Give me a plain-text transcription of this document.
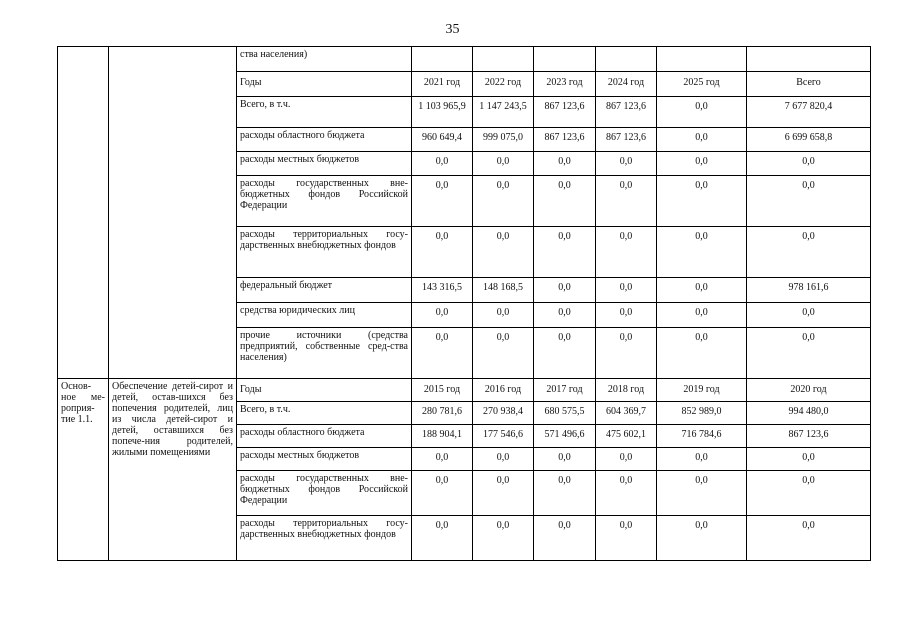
35
		ства населения)						
		Годы	2021 год	2022 год	2023 год	2024 год	2025 год	Всего
		Всего, в т.ч.	1 103 965,9	1 147 243,5	867 123,6	867 123,6	0,0	7 677 820,4
		расходы областного бюджета	960 649,4	999 075,0	867 123,6	867 123,6	0,0	6 699 658,8
		расходы местных бюджетов	0,0	0,0	0,0	0,0	0,0	0,0
		расходы государственных вне-бюджетных фондов Российской Федерации	0,0	0,0	0,0	0,0	0,0	0,0
		расходы территориальных госу-дарственных внебюджетных фондов	0,0	0,0	0,0	0,0	0,0	0,0
		федеральный бюджет	143 316,5	148 168,5	0,0	0,0	0,0	978 161,6
		средства юридических лиц	0,0	0,0	0,0	0,0	0,0	0,0
		прочие источники (средства предприятий, собственные сред-ства населения)	0,0	0,0	0,0	0,0	0,0	0,0
Основ-ное ме-роприя-тие 1.1.	Обеспечение детей-сирот и детей, остав-шихся без попечения родителей, лиц из числа детей-сирот и детей, оставшихся без попече-ния родителей, жилыми помещениями	Годы	2015 год	2016 год	2017 год	2018 год	2019 год	2020 год
		Всего, в т.ч.	280 781,6	270 938,4	680 575,5	604 369,7	852 989,0	994 480,0
		расходы областного бюджета	188 904,1	177 546,6	571 496,6	475 602,1	716 784,6	867 123,6
		расходы местных бюджетов	0,0	0,0	0,0	0,0	0,0	0,0
		расходы государственных вне-бюджетных фондов Российской Федерации	0,0	0,0	0,0	0,0	0,0	0,0
		расходы территориальных госу-дарственных внебюджетных фондов	0,0	0,0	0,0	0,0	0,0	0,0
